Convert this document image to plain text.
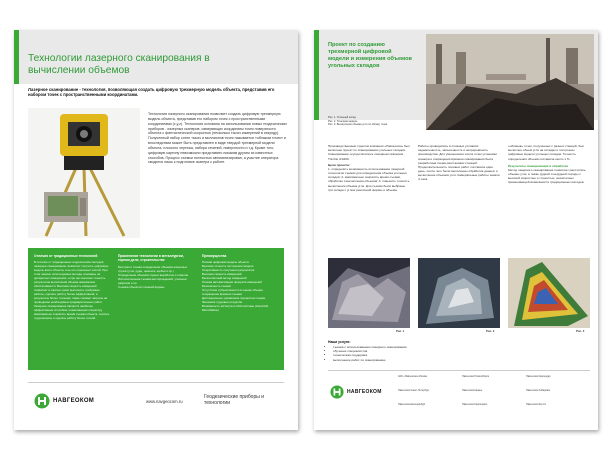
Технологии лазерного сканирования в вычислении объемов

Лазерное сканирование - технология, позволяющая создать цифровую трехмерную модель объекта, представив его набором точек с пространственными координатами.

Технология лазерного сканирования позволяет создать цифровую трехмерную модель объекта, представив его набором точек с пространственными координатами (x,y,z). Технология основана на использовании новых геодезических приборов - лазерных сканеров, измеряющих координаты точек поверхности объекта с фантастической скоростью (несколько тысяч измерений в секунду). Полученный набор сотен тысяч и миллионов точек называется «облаком точек» и впоследствии может быть представлен в виде твердой трехмерной модели объекта, плоского чертежа, набора сечений, поверхности и т.д. Кроме того, цифровую картину невозможно представить никаким другим из известных способов. Процесс съемки полностью автоматизирован, а участие оператора сводится лишь к подготовке сканера к работе.

Отличия от традиционных технологий

В отличие от традиционных геодезических методов лазерное сканирование позволяет получить цифровую модель всего объекта, а не его отдельных частей. При этом широко используемые методы основаны на дискретных измерениях, а при них высокая точность результатов вычисления объема невозможно обеспечивается. Высокая скорость измерений позволяет в сжатые сроки выполнять требуемые работы, сделать работу более эффективной, а результаты более точными, также снижает затраты на проведение необходимых предварительных работ. Лазерное сканирование является наиболее эффективным способом, позволяющим оператору максимально сократить время съемки объекта, снизить трудозатраты и сделать работу более точной.

Применение технологии в металлургии, горном деле, строительстве

Быстрая и точная определение объемов насыпных грузов (угля, руды, цемента, щебня и пр.)

Определение объемов горных выработок и отвалов

Исполнительная съемка месторождений, угольных разрезов и пр.

Съемка объектов сложной формы

Преимущества

Полная цифровая модель объекта

Высокая точность построения модели

Оперативность получения результатов

Высокая скорость измерений

Бесконтактный метод измерений

Полная автоматизация процесса измерений

Безопасность съемки

Отсутствие субъективности в оценке объема

Сокращение времени съемки

Дистанционное управление процессом съемки

Экономия трудовых ресурсов

Возможность экспорта в CAD-системы (AutoCAD, MicroStation)

НАВГЕОКОМ	www.navgeocom.ru
Геодезические приборы и технологии
Проект по созданию трехмерной цифровой модели и измерения объемов угольных складов

Рис. 1. Угольный склад

Рис. 2. Точечная модель

Рис. 3. Вычисление объема угля по облаку точек

Производственным отделом компании «Навгеоком» был выполнен проект по сканированию угольных складов. Сканирование осуществлялось лазерным сканером Trimble GS200.

Цели проекта:

1. определить возможность использования лазерной технологии съемки для определения объема угольных складов; 2. максимально сократить время съемки, обработки и вычисления объемов; 3. повысить точность вычисления объема угля. Для съемки были выбраны три склада с углем различной формы и объема.

Работы проводились в сложных условиях: задымленность, запыленность и непрерывность производства. Для уменьшения числа точек установки сканера и сокращения времени сканирования была разработана схема расстановки станций. Продолжительность полевых работ составила один день, после чего были выполнены обработка данных и вычисление объемов угля. Камеральные работы заняли 4 часа.

«облаков» точек, полученных с разных станций, был вычислен объем угля на складах и построены цифровые модели угольных складов. Точность определения объема составила около 1 %.

Результаты сканирования и обработки

Метод лазерного сканирования позволяет рассчитать объемы угля, а также рудной и нерудной породы с высокой скоростью и точностью, значительно превышающей возможности традиционных методов.

Рис. 1	Рис. 2	Рис. 3

Наши услуги:

• съемка с использованием лазерного сканирования
• обучение специалистов
• техническая поддержка
• выполнение работ по сканированию
НАВГЕОКОМ
ЗАО «Навгеоком» Москва
Навгеоком Санкт-Петербург
Навгеоком Екатеринбург
Навгеоком Новосибирск
Навгеоком Казань
Навгеоком Красноярск
Навгеоком Краснодар
Навгеоком Хабаровск
Навгеоком Якутск
